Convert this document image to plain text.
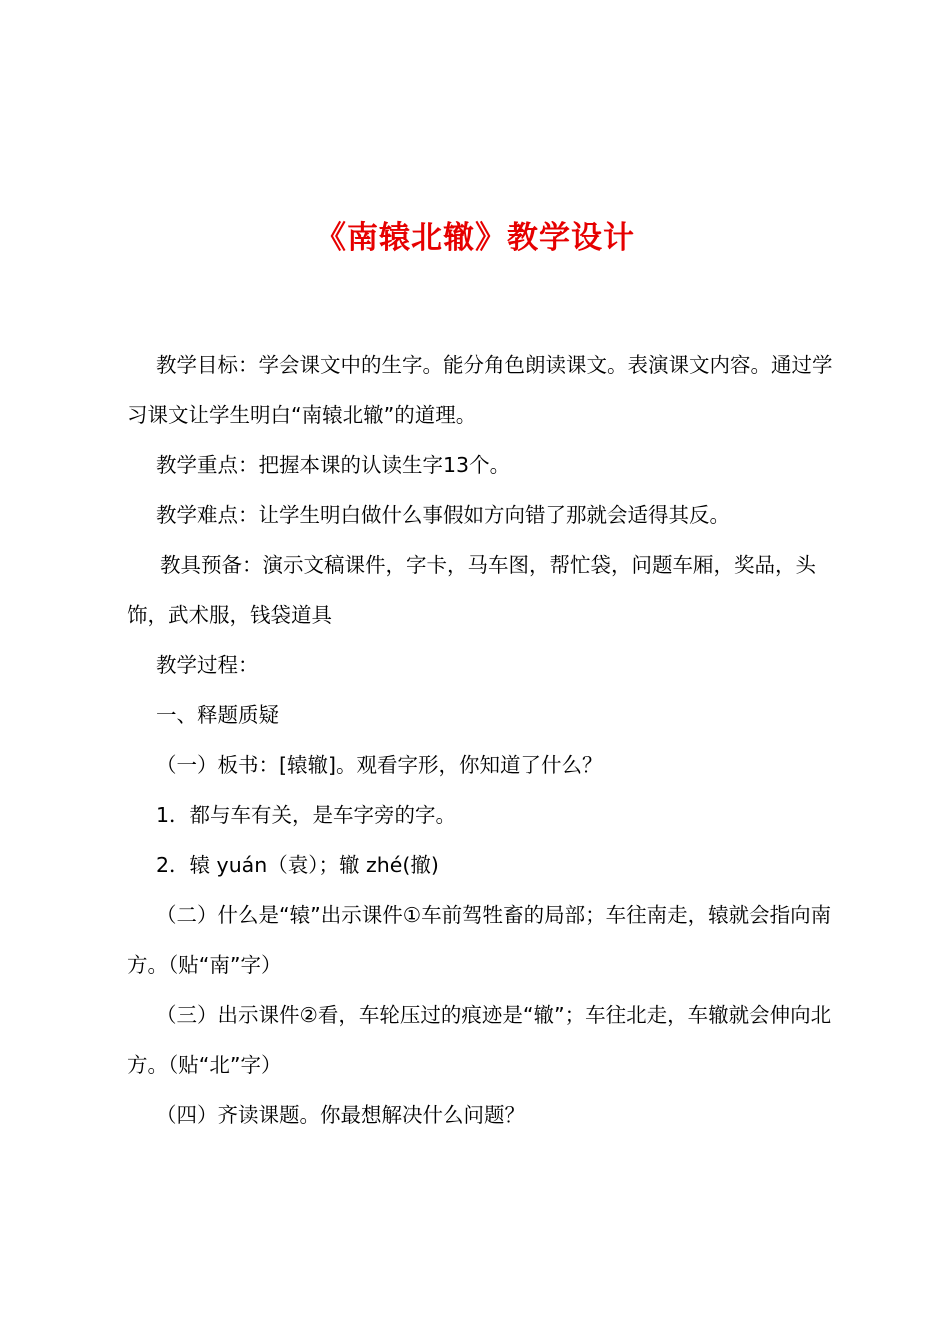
《南辕北辙》教学设计

教学目标：学会课文中的生字。能分角色朗读课文。表演课文内容。通过学习课文让学生明白“南辕北辙”的道理。

教学重点：把握本课的认读生字13个。

教学难点：让学生明白做什么事假如方向错了那就会适得其反。

教具预备：演示文稿课件，字卡，马车图，帮忙袋，问题车厢，奖品，头饰，武术服，钱袋道具

教学过程：

一、释题质疑

（一）板书：[辕辙]。观看字形，你知道了什么？

1．都与车有关，是车字旁的字。

2．辕 yuán（袁）；辙 zhé(撤)

（二）什么是“辕”出示课件①车前驾牲畜的局部；车往南走，辕就会指向南方。（贴“南”字）

（三）出示课件②看，车轮压过的痕迹是“辙”；车往北走，车辙就会伸向北方。（贴“北”字）

（四）齐读课题。你最想解决什么问题？
